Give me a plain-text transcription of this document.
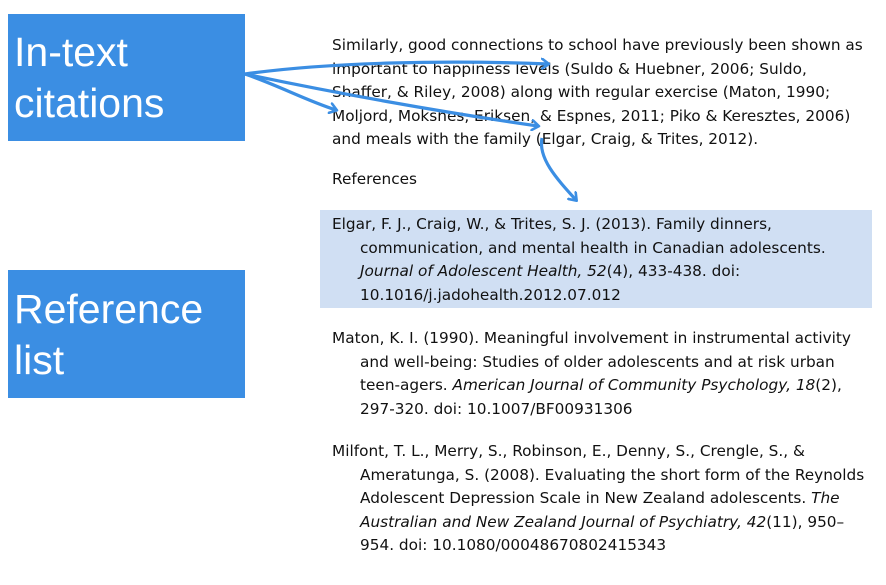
In-text
citations
Reference
list
Similarly, good connections to school have previously been shown as
important to happiness levels (Suldo & Huebner, 2006; Suldo,
Shaffer, & Riley, 2008) along with regular exercise (Maton, 1990;
Moljord, Moksnes, Eriksen, & Espnes, 2011; Piko & Keresztes, 2006)
and meals with the family (Elgar, Craig, & Trites, 2012).
References
Elgar, F. J., Craig, W., & Trites, S. J. (2013). Family dinners,
communication, and mental health in Canadian adolescents.
Journal of Adolescent Health, 52(4), 433-438. doi:
10.1016/j.jadohealth.2012.07.012
Maton, K. I. (1990). Meaningful involvement in instrumental activity
and well-being: Studies of older adolescents and at risk urban
teen-agers. American Journal of Community Psychology, 18(2),
297-320. doi: 10.1007/BF00931306
Milfont, T. L., Merry, S., Robinson, E., Denny, S., Crengle, S., &
Ameratunga, S. (2008). Evaluating the short form of the Reynolds
Adolescent Depression Scale in New Zealand adolescents. The
Australian and New Zealand Journal of Psychiatry, 42(11), 950–
954. doi: 10.1080/00048670802415343
